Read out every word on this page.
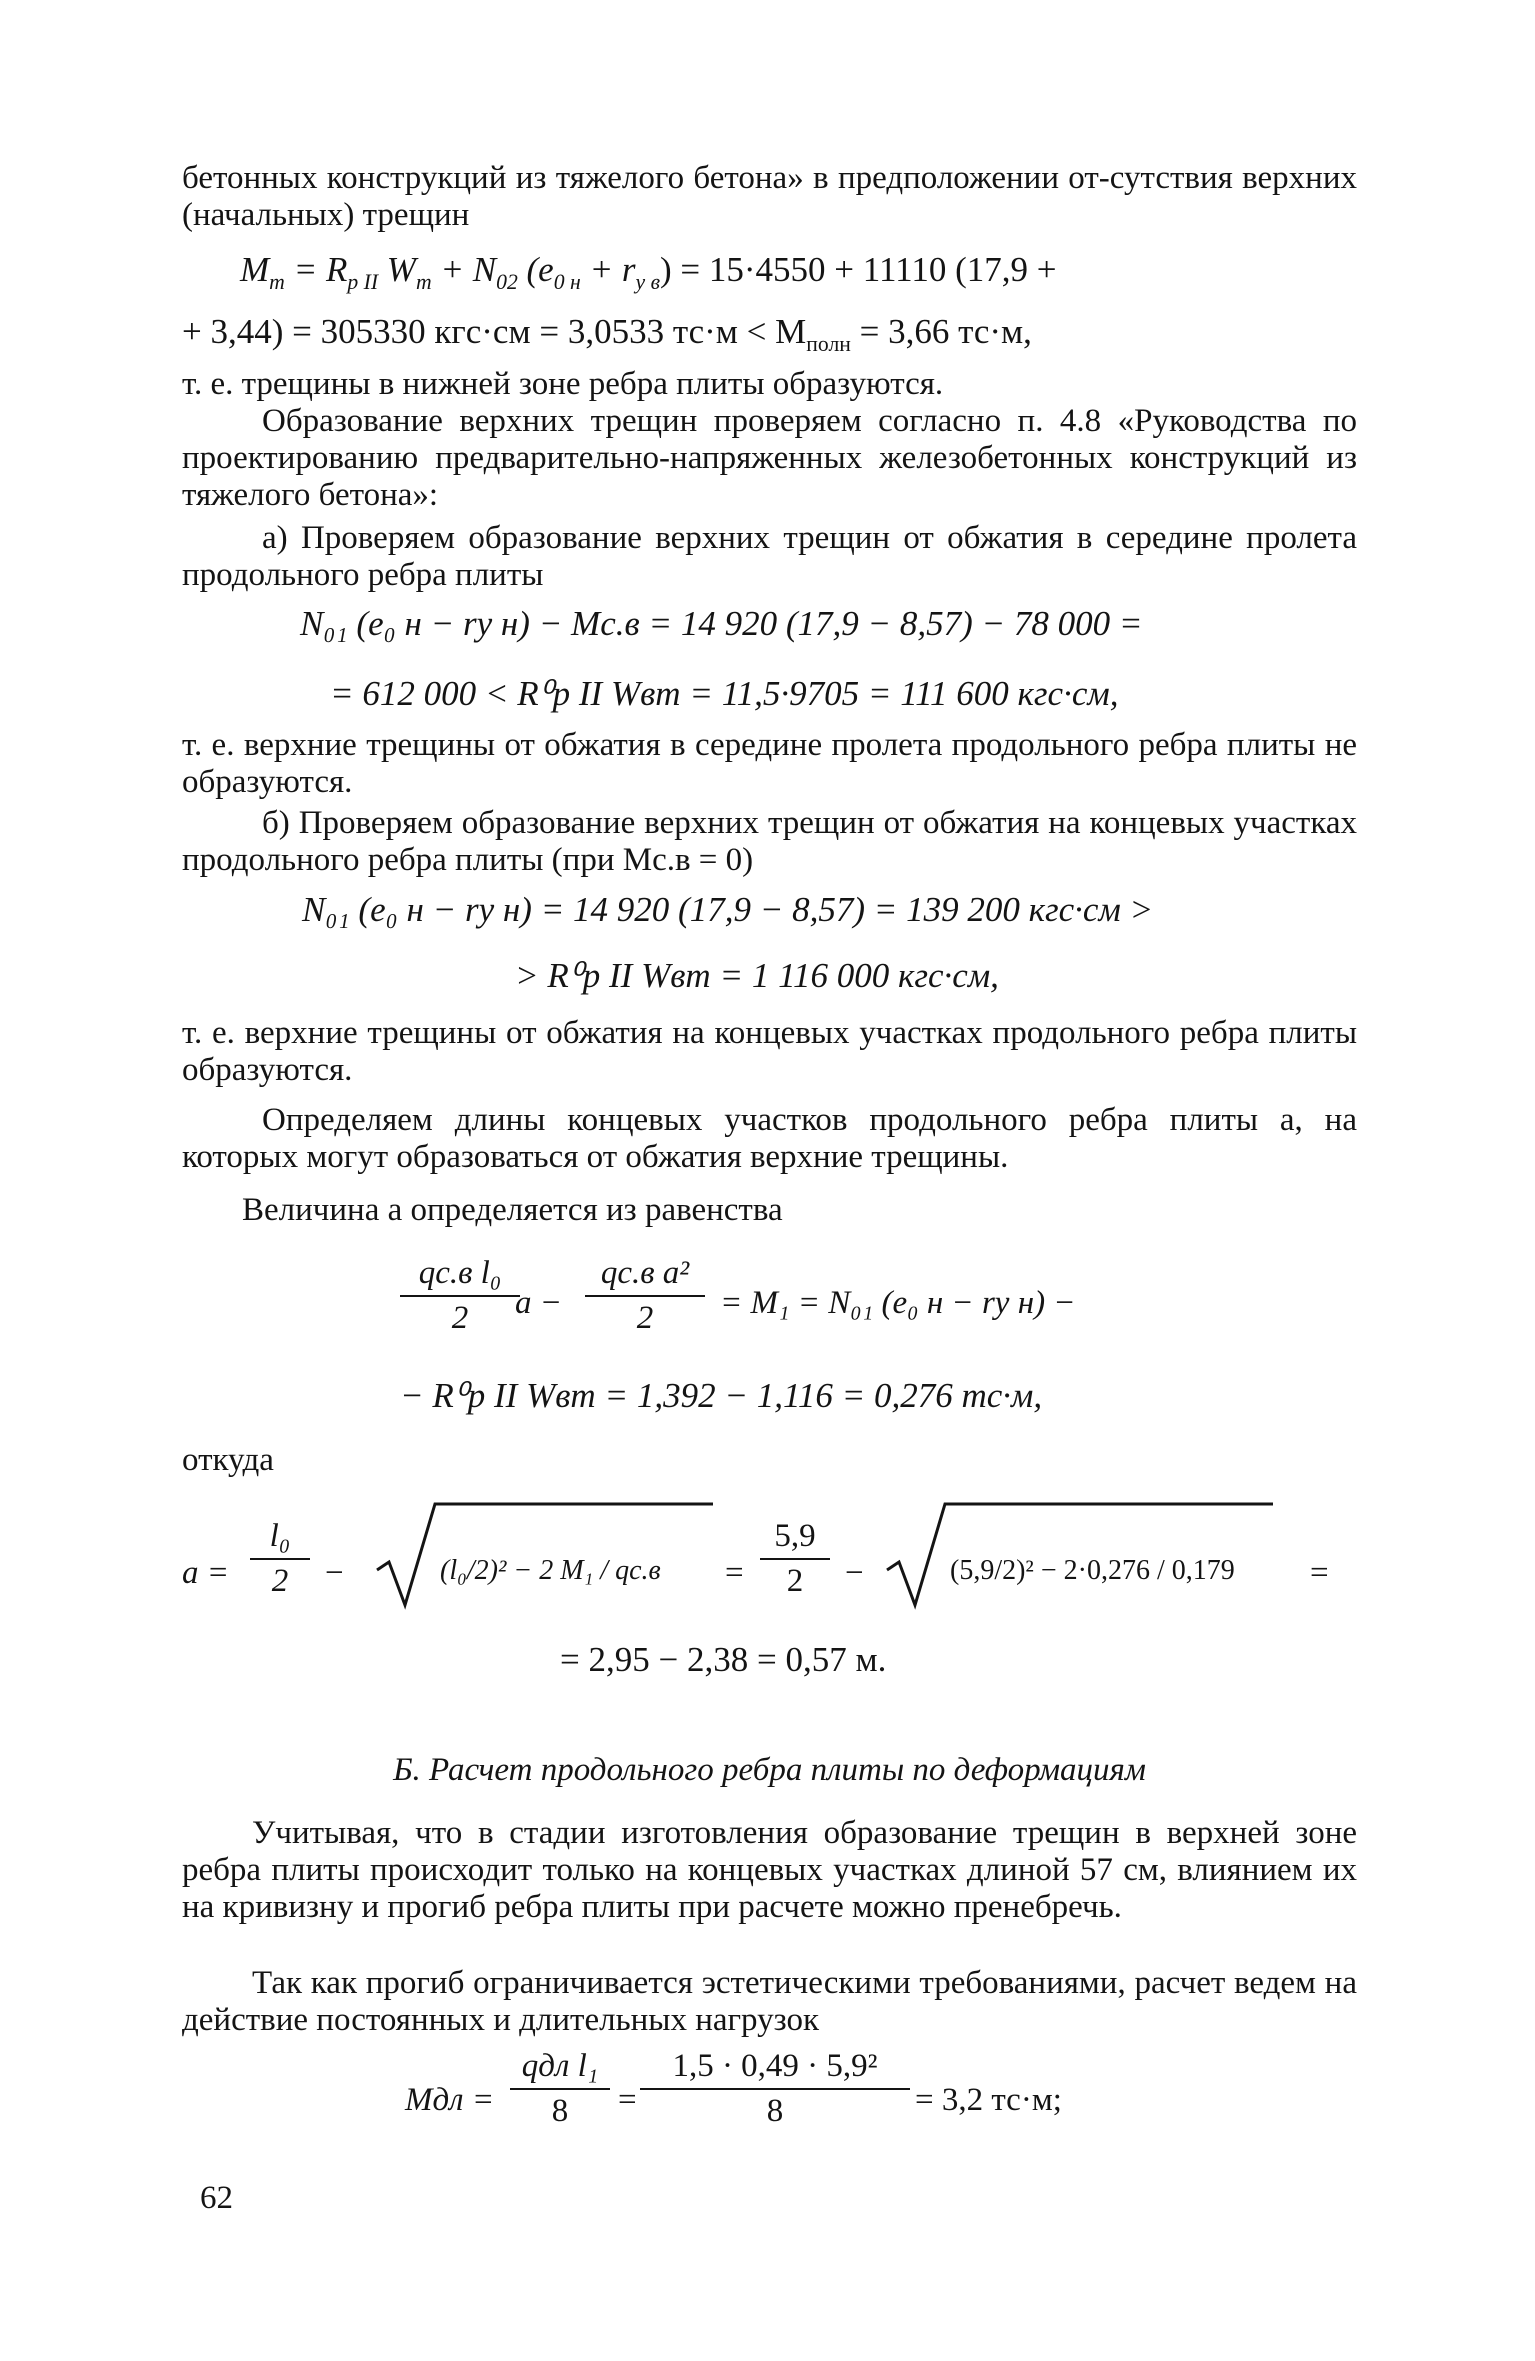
бетонных конструкций из тяжелого бетона» в предположении от-сутствия верхних (начальных) трещин

$M_т = R_{р II}$ $W_т + N_{02}$ $(e_{0 н} + r_{у в}) = 15\cdot 4550 + 11110$ (17,9 +
+ 3,44) = 305330 кгс·см = 3,0533 $тс\cdot м < M_{полн} = 3,66$ тс·м,

т. е. трещины в нижней зоне ребра плиты образуются.

Образование верхних трещин проверяем согласно п. 4.8 «Руководства по проектированию предварительно-напряженных железобетонных конструкций из тяжелого бетона»:

а) Проверяем образование верхних трещин от обжатия в середине пролета продольного ребра плиты

N₀₁ (e₀ н − rу н) − Mс.в = 14 920 (17,9 − 8,57) − 78 000 =
= 612 000 < R⁰р II Wвт = 11,5·9705 = 111 600 кгс·см,

т. е. верхние трещины от обжатия в середине пролета продольного ребра плиты не образуются.

б) Проверяем образование верхних трещин от обжатия на концевых участках продольного ребра плиты (при Mс.в = 0)

N₀₁ (e₀ н − rу н) = 14 920 (17,9 − 8,57) = 139 200 кгс·см >
> R⁰р II Wвт = 1 116 000 кгс·см,

т. е. верхние трещины от обжатия на концевых участках продольного ребра плиты образуются.

Определяем длины концевых участков продольного ребра плиты a, на которых могут образоваться от обжатия верхние трещины.

Величина a определяется из равенства

qс.в l₀
2	a −
qс.в a²
2	= M₁ = N₀₁ (e₀ н − rу н) −
− R⁰р II Wвт = 1,392 − 1,116 = 0,276 тс·м,

откуда

a =
l₀
2	−	(l₀/2)² − 2 M₁ / qс.в =
5,9
2	−	(5,9/2)² − 2·0,276 / 0,179 =
= 2,95 − 2,38 = 0,57 м.
Б. Расчет продольного ребра плиты по деформациям

Учитывая, что в стадии изготовления образование трещин в верхней зоне ребра плиты происходит только на концевых участках длиной 57 см, влиянием их на кривизну и прогиб ребра плиты при расчете можно пренебречь.

Так как прогиб ограничивается эстетическими требованиями, расчет ведем на действие постоянных и длительных нагрузок

Mдл =
qдл l₁
8	=
1,5 · 0,49 · 5,9²
8	= 3,2 тс·м;
62
